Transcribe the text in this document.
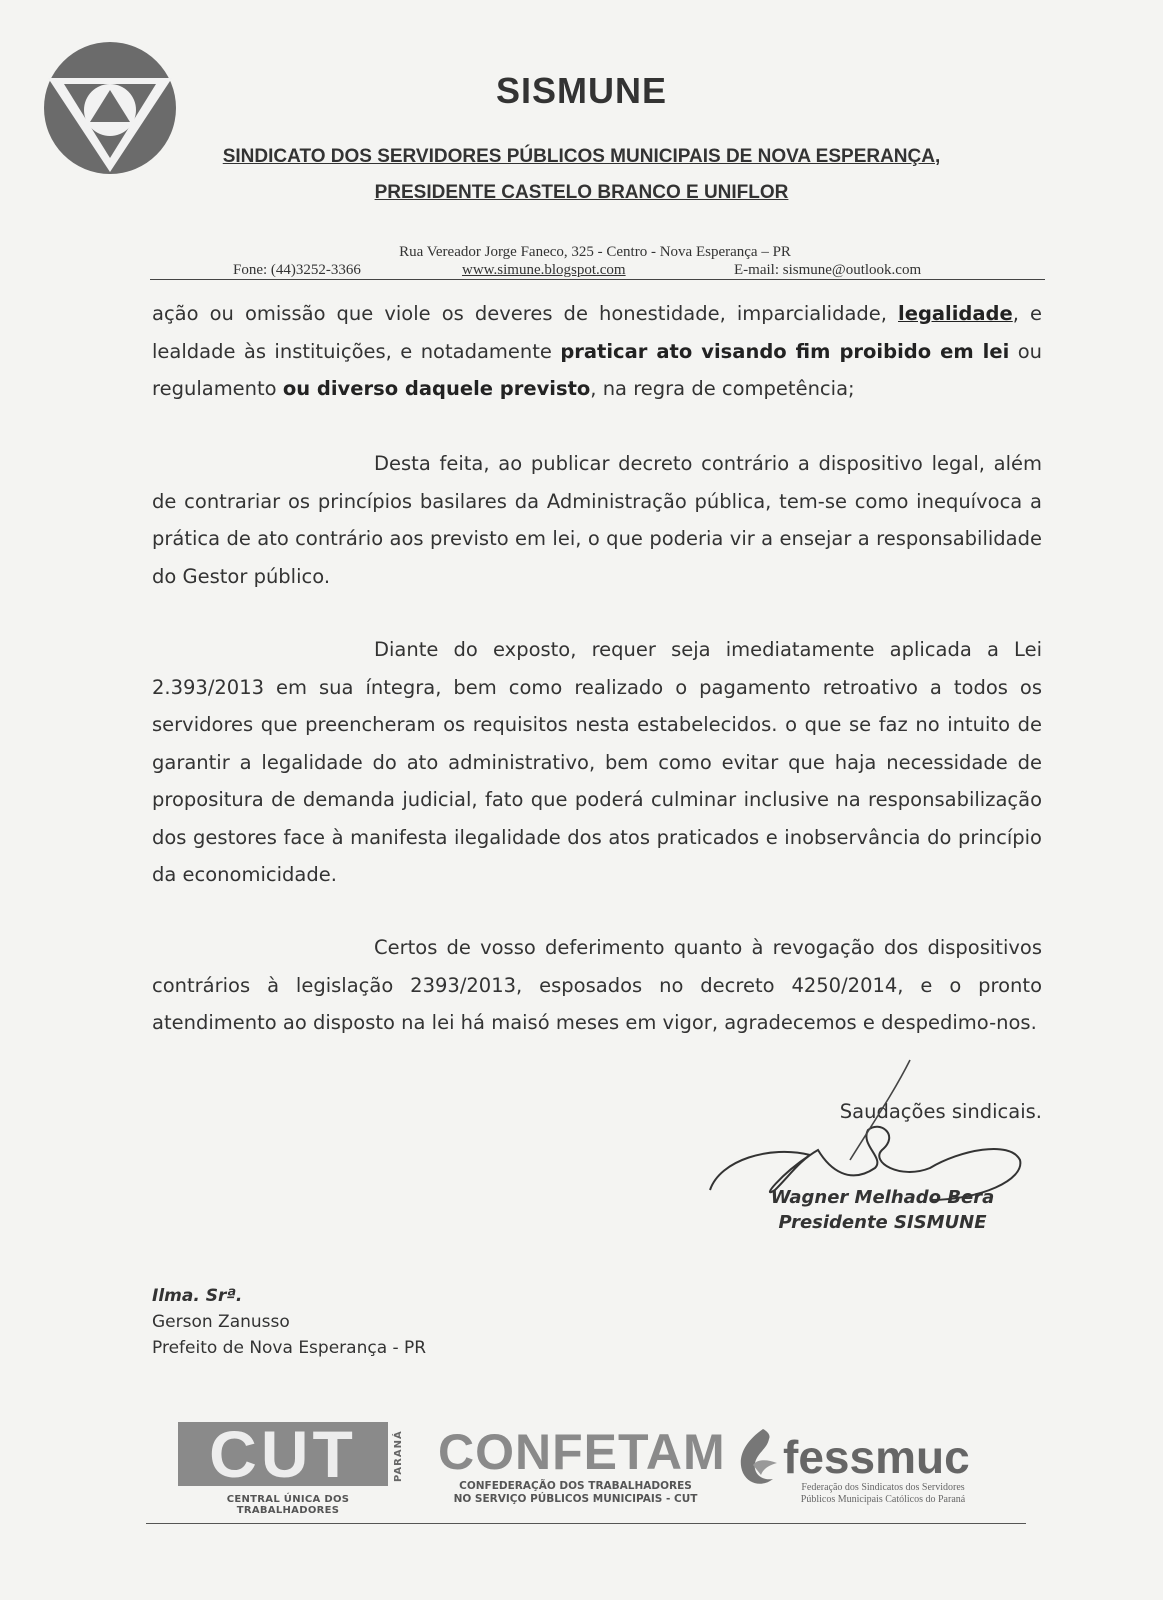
SISMUNE
SINDICATO DOS SERVIDORES PÚBLICOS MUNICIPAIS DE NOVA ESPERANÇA,
PRESIDENTE CASTELO BRANCO E UNIFLOR
Rua Vereador Jorge Faneco, 325 - Centro - Nova Esperança – PR
Fone: (44)3252-3366	www.simune.blogspot.com	E-mail: sismune@outlook.com

ação ou omissão que viole os deveres de honestidade, imparcialidade, legalidade, e lealdade às instituições, e notadamente praticar ato visando fim proibido em lei ou regulamento ou diverso daquele previsto, na regra de competência;

Desta feita, ao publicar decreto contrário a dispositivo legal, além de contrariar os princípios basilares da Administração pública, tem-se como inequívoca a prática de ato contrário aos previsto em lei, o que poderia vir a ensejar a responsabilidade do Gestor público.

Diante do exposto, requer seja imediatamente aplicada a Lei 2.393/2013 em sua íntegra, bem como realizado o pagamento retroativo a todos os servidores que preencheram os requisitos nesta estabelecidos. o que se faz no intuito de garantir a legalidade do ato administrativo, bem como evitar que haja necessidade de propositura de demanda judicial, fato que poderá culminar inclusive na responsabilização dos gestores face à manifesta ilegalidade dos atos praticados e inobservância do princípio da economicidade.

Certos de vosso deferimento quanto à revogação dos dispositivos contrários à legislação 2393/2013, esposados no decreto 4250/2014, e o pronto atendimento ao disposto na lei há maisó meses em vigor, agradecemos e despedimo-nos.

Saudações sindicais.
Wagner Melhado Bera
Presidente SISMUNE
Ilma. Srª.
Gerson Zanusso
Prefeito de Nova Esperança - PR
CUT	PARANÁ
CENTRAL ÚNICA DOS TRABALHADORES
CONFETAM
CONFEDERAÇÃO DOS TRABALHADORES
NO SERVIÇO PÚBLICOS MUNICIPAIS - CUT
fessmuc
Federação dos Sindicatos dos Servidores
Públicos Municipais Católicos do Paraná
